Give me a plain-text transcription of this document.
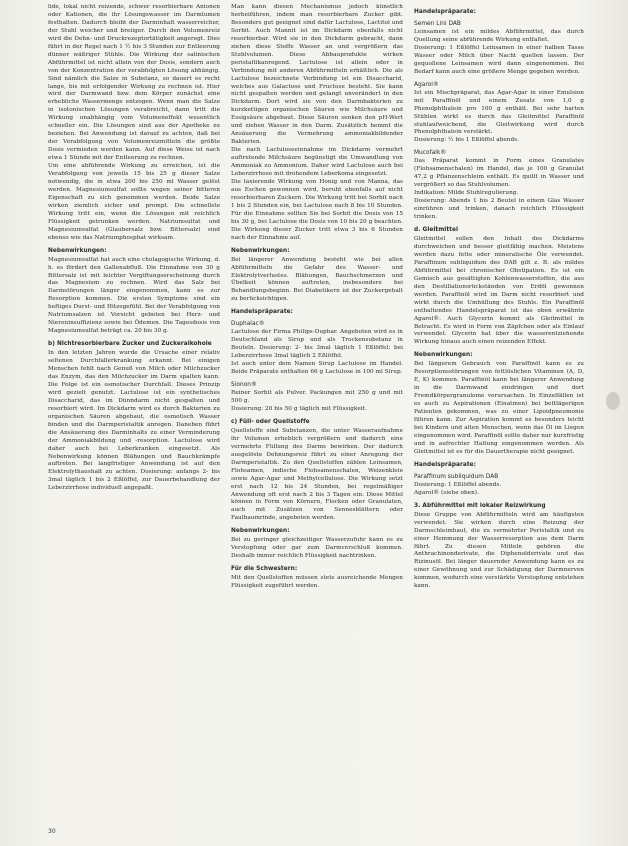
lide, lokal nicht reizende, schwer resorbierbare Anionen oder Kationen, die ihr Lösungswasser im Darmlumen festhalten. Dadurch bleibt der Darminhalt wasserreicher, der Stuhl weicher und breiiger. Durch den Volumenreiz wird die Dehn- und Druckrezeptortätigkeit angeregt. Dies führt in der Regel nach 1 ½ bis 3 Stunden zur Entleerung dünner wäßriger Stühle. Die Wirkung der salinischen Abführmittel ist nicht allein von der Dosis, sondern auch von der Konzentration der verabfolgten Lösung abhängig. Sind nämlich die Salze in Substanz, so dauert es recht lange, bis mit erfolgender Wirkung zu rechnen ist. Hier wird der Darmwand bzw. dem Körper zunächst eine erhebliche Wassermenge entzogen. Wenn man die Salze in isotonischen Lösungen verabreicht, dann tritt die Wirkung unabhängig vom Volumeneffekt wesentlich schneller ein. Die Lösungen sind aus der Apotheke zu beziehen. Bei Anwendung ist darauf zu achten, daß bei der Verabfolgung von Volumenreizmitteln die größte Dosis vermieden werden kann. Auf diese Weise ist nach etwa 1 Stunde mit der Entleerung zu rechnen.

Um eine abführende Wirkung zu erreichen, ist die Verabfolgung von jeweils 15 bis 25 g dieser Salze notwendig, die in etwa 200 bis 250 ml Wasser gelöst werden. Magnesiumsulfat sollte wegen seiner bitteren Eigenschaft zu sich genommen werden. Beide Salze wirken ziemlich sicher und prompt. Die schnellste Wirkung tritt ein, wenn die Lösungen mit reichlich Flüssigkeit getrunken werden. Natriumsulfat und Magnesiumsulfat (Glaubersalz bzw. Bittersalz) sind ebenso wie das Natriumphosphat wirksam.

Nebenwirkungen:

Magnesiumsulfat hat auch eine cholagogische Wirkung, d. h. es fördert den Gallenabfluß. Die Einnahme von 30 g Bittersalz ist mit leichter Vergiftungserscheinung durch das Magnesium zu rechnen. Wird das Salz bei Darmstörungen länger eingenommen, kann es zur Resorption kommen. Die ersten Symptome sind ein heftiges Durst- und Hitzegefühl. Bei der Verabfolgung von Natriumsalzen ist Vorsicht geboten bei Herz- und Niereninsuffizienz sowie bei Ödemen. Die Tagesdosis von Magnesiumsulfat beträgt ca. 20 bis 30 g.

b) Nichtresorbierbare Zucker und Zuckeralkohole

In den letzten Jahren wurde die Ursache einer relativ seltenen Durchfallerkrankung erkannt. Bei einigen Menschen fehlt nach Genuß von Milch oder Milchzucker das Enzym, das den Milchzucker im Darm spalten kann. Die Folge ist ein osmotischer Durchfall. Dieses Prinzip wird gezielt genutzt. Lactulose ist ein synthetisches Disaccharid, das im Dünndarm nicht gespalten und resorbiert wird. Im Dickdarm wird es durch Bakterien zu organischen Säuren abgebaut, die osmotisch Wasser binden und die Darmperistaltik anregen. Daneben führt die Ansäuerung des Darminhalts zu einer Verminderung der Ammoniakbildung und -resorption. Lactulose wird daher auch bei Leberkranken eingesetzt. Als Nebenwirkung können Blähungen und Bauchkrämpfe auftreten. Bei langfristiger Anwendung ist auf den Elektrolythaushalt zu achten. Dosierung: anfangs 2- bis 3mal täglich 1 bis 2 Eßlöffel, zur Dauerbehandlung der Leberzirrhose individuell angepaßt.

Man kann diesen Mechanismus jedoch künstlich herbeiführen, indem man resorbierbare Zucker gibt. Besonders gut geeignet sind dafür Lactulose, Lactitol und Sorbit. Auch Mannit ist im Dickdarm ebenfalls nicht resorbierbar. Wird sie in den Dickdarm gebracht, dann ziehen diese Stoffe Wasser an und vergrößern das Stuhlvolumen. Diese Abbauprodukte wirken peristaltikanregend. Lactulose ist allein oder in Verbindung mit anderen Abführmitteln erhältlich. Die als Lactulose bezeichnete Verbindung ist ein Disaccharid, welches aus Galactose und Fructose besteht. Sie kann nicht gespalten werden und gelangt unverändert in den Dickdarm. Dort wird sie von den Darmbakterien zu kurzkettigen organischen Säuren wie Milchsäure und Essigsäure abgebaut. Diese Säuren senken den pH-Wert und ziehen Wasser in den Darm. Zusätzlich hemmt die Ansäuerung die Vermehrung ammoniakbildender Bakterien.

Die nach Lactuloseeinnahme im Dickdarm vermehrt auftretende Milchsäure begünstigt die Umwandlung von Ammoniak zu Ammonium. Daher wird Lactulose auch bei Leberzirrhose mit drohendem Leberkoma eingesetzt.

Die laxierende Wirkung von Honig und von Manna, das aus Eschen gewonnen wird, beruht ebenfalls auf nicht resorbierbaren Zuckern. Die Wirkung tritt bei Sorbit nach 1 bis 2 Stunden ein, bei Lactulose nach 8 bis 10 Stunden. Für die Einnahme sollten Sie bei Sorbit die Dosis von 15 bis 30 g, bei Lactulose die Dosis von 10 bis 20 g beachten. Die Wirkung dieser Zucker tritt etwa 3 bis 6 Stunden nach der Einnahme auf.

Nebenwirkungen:

Bei längerer Anwendung besteht wie bei allen Abführmitteln die Gefahr des Wasser- und Elektrolytverlustes. Blähungen, Bauchschmerzen und Übelkeit können auftreten, insbesondere bei Behandlungsbeginn. Bei Diabetikern ist der Zuckergehalt zu berücksichtigen.

Handelspräparate:
Duphalac®

Lactulose der Firma Philips-Duphar. Angeboten wird es in Deutschland als Sirup und als Trockensubstanz in Beuteln. Dosierung: 2- bis 3mal täglich 1 Eßlöffel; bei Leberzirrhose 3mal täglich 2 Eßlöffel.

Ist auch unter dem Namen Sirup Lactulose im Handel. Beide Präparate enthalten 66 g Lactulose in 100 ml Sirup.

Sionon®

Reiner Sorbit als Pulver. Packungen mit 250 g und mit 500 g.

Dosierung: 20 bis 50 g täglich mit Flüssigkeit.

c) Füll- oder Quellstoffe

Quellstoffe sind Substanzen, die unter Wasseraufnahme ihr Volumen erheblich vergrößern und dadurch eine vermehrte Füllung des Darms bewirken. Der dadurch ausgelöste Dehnungsreiz führt zu einer Anregung der Darmperistaltik. Zu den Quellstoffen zählen Leinsamen, Flohsamen, indische Flohsamenschalen, Weizenkleie sowie Agar-Agar und Methylcellulose. Die Wirkung setzt erst nach 12 bis 24 Stunden, bei regelmäßiger Anwendung oft erst nach 2 bis 3 Tagen ein. Diese Mittel können in Form von Körnern, Flocken oder Granulaten, auch mit Zusätzen von Sennesblättern oder Faulbaumrinde, angeboten werden.

Nebenwirkungen:

Bei zu geringer gleichzeitiger Wasserzufuhr kann es zu Verstopfung oder gar zum Darmverschluß kommen. Deshalb immer reichlich Flüssigkeit nachtrinken.

Für die Schwestern:

Mit den Quellstoffen müssen stets ausreichende Mengen Flüssigkeit zugeführt werden.

Handelspräparate:
Semen Lini DAB

Leinsamen ist ein mildes Abführmittel, das durch Quellung seine abführende Wirkung entfaltet.

Dosierung: 1 Eßlöffel Leinsamen in einer halben Tasse Wasser oder Milch über Nacht quellen lassen. Der gequollene Leinsamen wird dann eingenommen. Bei Bedarf kann auch eine größere Menge gegeben werden.

Agarol®

Ist ein Mischpräparat, das Agar-Agar in einer Emulsion mit Paraffinöl und einem Zusatz von 1,0 g Phenolphthalein pro 100 g enthält. Bei sehr harten Stühlen wirkt es durch das Gleitmittel Paraffinöl stuhlaufweichend, die Gleitwirkung wird durch Phenolphthalein verstärkt.

Dosierung: ½ bis 1 Eßlöffel abends.

Mucofalk®

Das Präparat kommt in Form eines Granulates (Flohsamenschalen) im Handel, das je 100 g Granulat 47,2 g Pflanzenschleim enthält. Es quillt in Wasser und vergrößert so das Stuhlvolumen.

Indikation: Milde Stuhlregulierung.

Dosierung: Abends 1 bis 2 Beutel in einem Glas Wasser einrühren und trinken, danach reichlich Flüssigkeit trinken.

d. Gleitmittel

Gleitmittel sollen den Inhalt des Dickdarms durchweichen und besser gleitfähig machen. Meistens werden dazu fette oder mineralische Öle verwendet. Paraffinum subliquidum des DAB gilt z. B. als mildes Abführmittel bei chronischer Obstipation. Es ist ein Gemisch aus gesättigten Kohlenwasserstoffen, die aus den Destillationsrückständen von Erdöl gewonnen werden. Paraffinöl wird im Darm nicht resorbiert und wirkt durch die Umhüllung des Stuhls. Ein Paraffinöl enthaltendes Handelspräparat ist das oben erwähnte Agarol®. Auch Glycerin kommt als Gleitmittel in Betracht. Es wird in Form von Zäpfchen oder als Einlauf verwendet. Glycerin hat über die wasserentziehende Wirkung hinaus auch einen reizenden Effekt.

Nebenwirkungen:

Bei längerem Gebrauch von Paraffinöl kann es zu Resorptionsstörungen von fettlöslichen Vitaminen (A, D, E, K) kommen. Paraffinöl kann bei längerer Anwendung in die Darmwand eindringen und dort Fremdkörpergranulome verursachen. In Einzelfällen ist es auch zu Aspirationen (Einatmen) bei bettlägerigen Patienten gekommen, was zu einer Lipoidpneumonie führen kann. Zur Aspiration kommt es besonders leicht bei Kindern und alten Menschen, wenn das Öl im Liegen eingenommen wird. Paraffinöl sollte daher nur kurzfristig und in aufrechter Haltung eingenommen werden. Als Gleitmittel ist es für die Dauertherapie nicht geeignet.

Handelspräparate:
Paraffinum subliquidum DAB

Dosierung: 1 Eßlöffel abends.

Agarol® (siehe oben).

3. Abführmittel mit lokaler Reizwirkung

Diese Gruppe von Abführmitteln wird am häufigsten verwendet. Sie wirken durch eine Reizung der Darmschleimhaut, die zu vermehrter Peristaltik und zu einer Hemmung der Wasserresorption aus dem Darm führt. Zu diesen Mitteln gehören die Anthrachinonderivate, die Diphenolderivate und das Rizinusöl. Bei länger dauernder Anwendung kann es zu einer Gewöhnung und zur Schädigung der Darmnerven kommen, wodurch eine verstärkte Verstopfung entstehen kann.

30
